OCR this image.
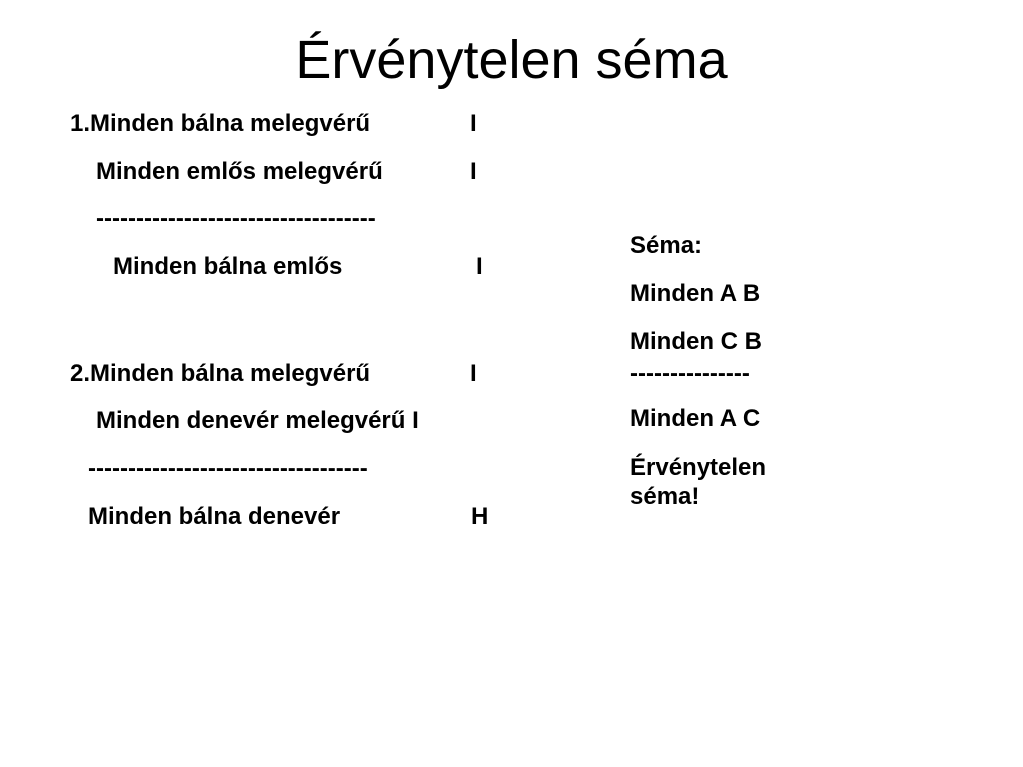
Érvénytelen séma
1.Minden bálna melegvérű	I
Minden emlős melegvérű	I
-----------------------------------
Minden bálna emlős	I
2.Minden bálna melegvérű	I
Minden denevér melegvérű I
-----------------------------------
Minden bálna denevér	H
Séma:
Minden A B
Minden C B
---------------
Minden A C
Érvénytelen
séma!
